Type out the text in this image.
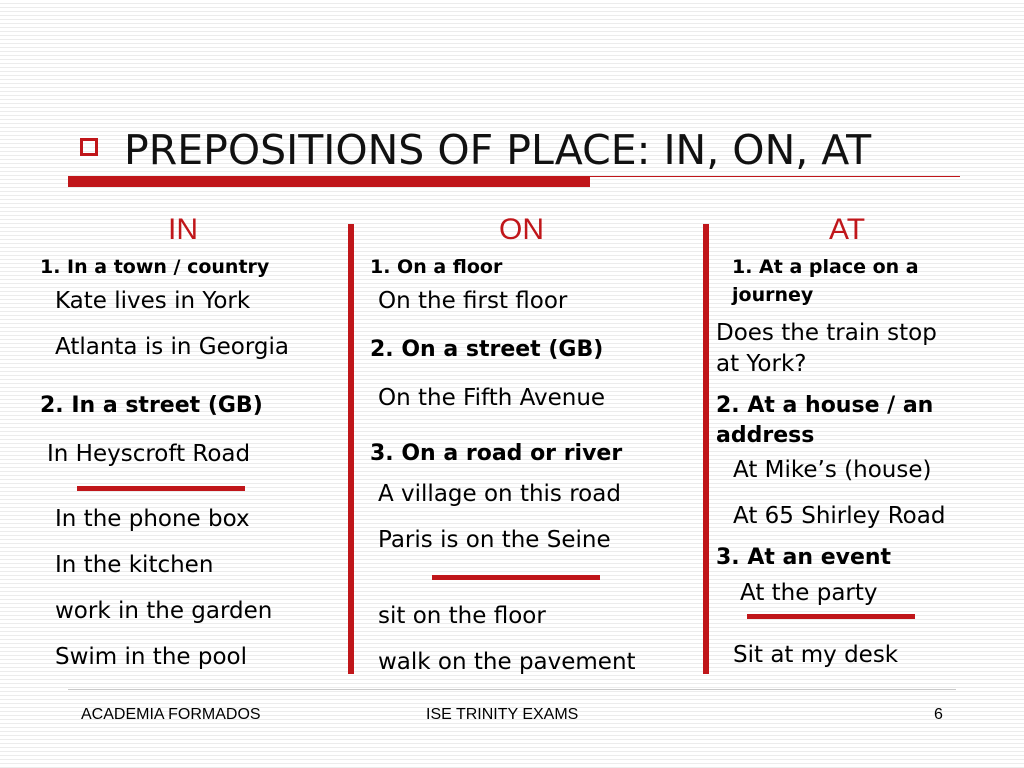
PREPOSITIONS OF PLACE: IN, ON, AT
IN	ON	AT
1. In a town / country
Kate lives in York
Atlanta is in Georgia
2. In a street (GB)
In Heyscroft Road
In the phone box
In the kitchen
work in the garden
Swim in the pool
1. On a floor
On the first floor
2. On a street (GB)
On the Fifth Avenue
3. On a road or river
A village on this road
Paris is on the Seine
sit on the floor
walk on the pavement
1. At a place on a
journey
Does the train stop
at York?
2. At a house / an
address
At Mike’s (house)
At 65 Shirley Road
3. At an event
At the party
Sit at my desk
ACADEMIA FORMADOS	ISE TRINITY EXAMS	6
